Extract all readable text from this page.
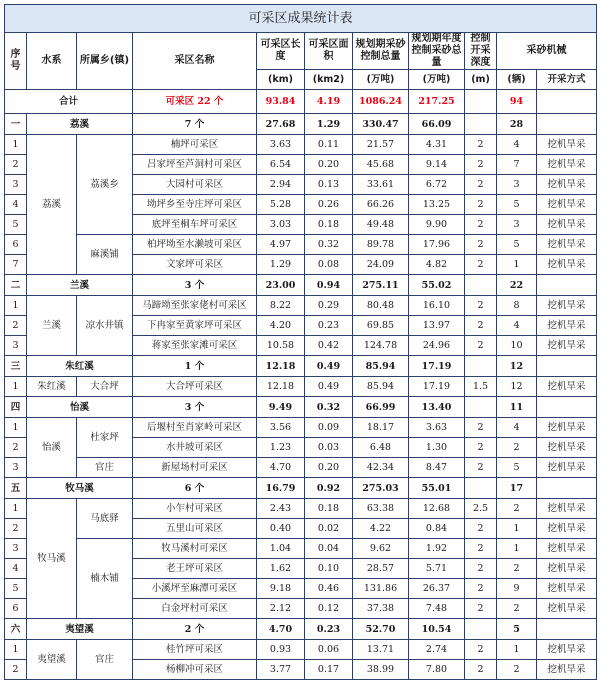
可采区成果统计表										
序号	水系	所属乡(镇)	采区名称	可采区长度	可采区面积	规划期采砂控制总量	规划期年度控制采砂总量	控制开采深度	采砂机械	
				(km)	(km2)	(万吨)	(万吨)	(m)	(辆)	开采方式
合计			可采区 22 个	93.84	4.19	1086.24	217.25		94	
一	荔溪		7 个	27.68	1.29	330.47	66.09		28	
1	荔溪	荔溪乡	楠坪可采区	3.63	0.11	21.57	4.31	2	4	挖机旱采
2			吕家坪至芦洞村可采区	6.54	0.20	45.68	9.14	2	7	挖机旱采
3			大园村可采区	2.94	0.13	33.61	6.72	2	3	挖机旱采
4			坳坪乡至寺庄坪可采区	5.28	0.26	66.26	13.25	2	5	挖机旱采
5			底坪至桐车坪可采区	3.03	0.18	49.48	9.90	2	3	挖机旱采
6		麻溪铺	柏坪坳至水濑坡可采区	4.97	0.32	89.78	17.96	2	5	挖机旱采
7			文家坪可采区	1.29	0.08	24.09	4.82	2	1	挖机旱采
二	兰溪		3 个	23.00	0.94	275.11	55.02		22	
1	兰溪	凉水井镇	马蹄坳至张家佬村可采区	8.22	0.29	80.48	16.10	2	8	挖机旱采
2			下冉家至黄家坪可采区	4.20	0.23	69.85	13.97	2	4	挖机旱采
3			蒋家至张家滩可采区	10.58	0.42	124.78	24.96	2	10	挖机旱采
三	朱红溪		1 个	12.18	0.49	85.94	17.19		12	
1	朱红溪	大合坪	大合坪可采区	12.18	0.49	85.94	17.19	1.5	12	挖机旱采
四	怡溪		3 个	9.49	0.32	66.99	13.40		11	
1	怡溪	杜家坪	后堰村至肖家岭可采区	3.56	0.09	18.17	3.63	2	4	挖机旱采
2			水井坡可采区	1.23	0.03	6.48	1.30	2	2	挖机旱采
3		官庄	新屋场村可采区	4.70	0.20	42.34	8.47	2	5	挖机旱采
五	牧马溪		6 个	16.79	0.92	275.03	55.01		17	
1	牧马溪	马底驿	小乍村可采区	2.43	0.18	63.38	12.68	2.5	2	挖机旱采
2			五里山可采区	0.40	0.02	4.22	0.84	2	1	挖机旱采
3		楠木铺	牧马溪村可采区	1.04	0.04	9.62	1.92	2	1	挖机旱采
4			老王坪可采区	1.62	0.10	28.57	5.71	2	2	挖机旱采
5			小溪坪至麻潭可采区	9.18	0.46	131.86	26.37	2	9	挖机旱采
6			白金坪村可采区	2.12	0.12	37.38	7.48	2	2	挖机旱采
六	夷望溪		2 个	4.70	0.23	52.70	10.54		5	
1	夷望溪	官庄	桂竹坪可采区	0.93	0.06	13.71	2.74	2	1	挖机旱采
2			杨柳冲可采区	3.77	0.17	38.99	7.80	2	2	挖机旱采
